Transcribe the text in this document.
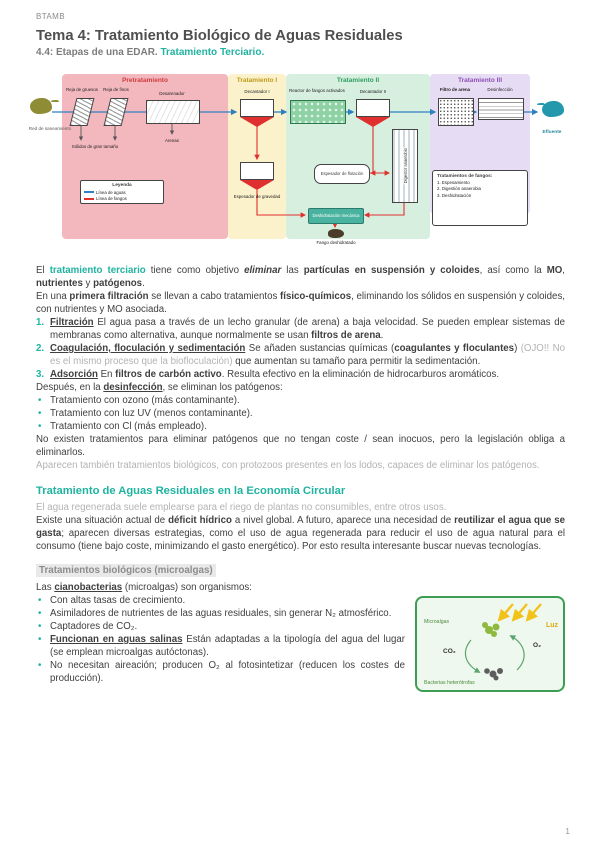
BTAMB
Tema 4: Tratamiento Biológico de Aguas Residuales
4.4: Etapas de una EDAR. Tratamiento Terciario.
Pretratamiento	Tratamiento I	Tratamiento II	Tratamiento III
Red de saneamiento
Reja de gruesos Reja de finos
Desarenador
Sólidos de gran tamaño
Arenas
Leyenda
Línea de aguas
Línea de fangos
Decantador I
Espesador de gravedad
Reactor de fangos activados	Decantador II
Espesador de flotación	Digestor anaerobio
Deshidratación mecánica
Fango deshidratado
Filtro de arena	Desinfección
Tratamientos de fangos:
1. Espesamiento
2. Digestión anaerobia
3. Deshidratación
Efluente

El tratamiento terciario tiene como objetivo eliminar las partículas en suspensión y coloides, así como la MO, nutrientes y patógenos.

En una primera filtración se llevan a cabo tratamientos físico-químicos, eliminando los sólidos en suspensión y coloides, con nutrientes y MO asociada.

1. Filtración El agua pasa a través de un lecho granular (de arena) a baja velocidad. Se pueden emplear sistemas de membranas como alternativa, aunque normalmente se usan filtros de arena.
2. Coagulación, floculación y sedimentación Se añaden sustancias químicas (coagulantes y floculantes) (OJO!! No es el mismo proceso que la biofloculación) que aumentan su tamaño para permitir la sedimentación.
3. Adsorción En filtros de carbón activo. Resulta efectivo en la eliminación de hidrocarburos aromáticos.

Después, en la desinfección, se eliminan los patógenos:

•
Tratamiento con ozono (más contaminante).
•
Tratamiento con luz UV (menos contaminante).
•
Tratamiento con Cl (más empleado).

No existen tratamientos para eliminar patógenos que no tengan coste / sean inocuos, pero la legislación obliga a eliminarlos.

Aparecen también tratamientos biológicos, con protozoos presentes en los lodos, capaces de eliminar los patógenos.

Tratamiento de Aguas Residuales en la Economía Circular

El agua regenerada suele emplearse para el riego de plantas no consumibles, entre otros usos.

Existe una situación actual de déficit hídrico a nivel global. A futuro, aparece una necesidad de reutilizar el agua que se gasta; aparecen diversas estrategias, como el uso de agua regenerada para reducir el uso de agua natural para el consumo (tiene bajo coste, minimizando el gasto energético). Por esto resulta interesante buscar nuevas tecnologías.

Tratamientos biológicos (microalgas)

Las cianobacterias (microalgas) son organismos:

Luz
Microalgas
CO₂
O₂
Bacterias heterótrofas
•
Con altas tasas de crecimiento.
•
Asimiladores de nutrientes de las aguas residuales, sin generar N₂ atmosférico.
•
Captadores de CO₂.
•
Funcionan en aguas salinas Están adaptadas a la tipología del agua del lugar (se emplean microalgas autóctonas).
•
No necesitan aireación; producen O₂ al fotosintetizar (reducen los costes de producción).
1
